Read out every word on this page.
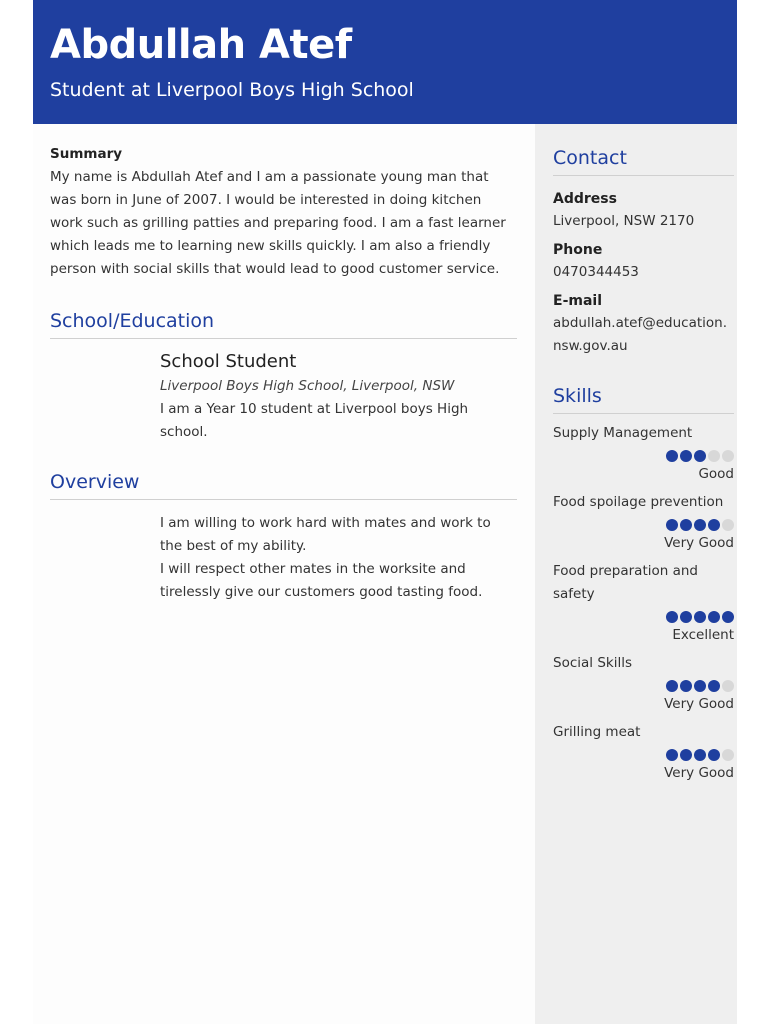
Abdullah Atef
Student at Liverpool Boys High School
Summary
My name is Abdullah Atef and I am a passionate young man that was born in June of 2007. I would be interested in doing kitchen work such as grilling patties and preparing food. I am a fast learner which leads me to learning new skills quickly. I am also a friendly person with social skills that would lead to good customer service.
School/Education
School Student
Liverpool Boys High School, Liverpool, NSW
I am a Year 10 student at Liverpool boys High school.
Overview
I am willing to work hard with mates and work to the best of my ability.
I will respect other mates in the worksite and tirelessly give our customers good tasting food.
Contact
Address
Liverpool, NSW 2170
Phone
0470344453
E-mail
abdullah.atef@education.nsw.gov.au
Skills
Supply Management
Good
Food spoilage prevention
Very Good
Food preparation and safety
Excellent
Social Skills
Very Good
Grilling meat
Very Good
